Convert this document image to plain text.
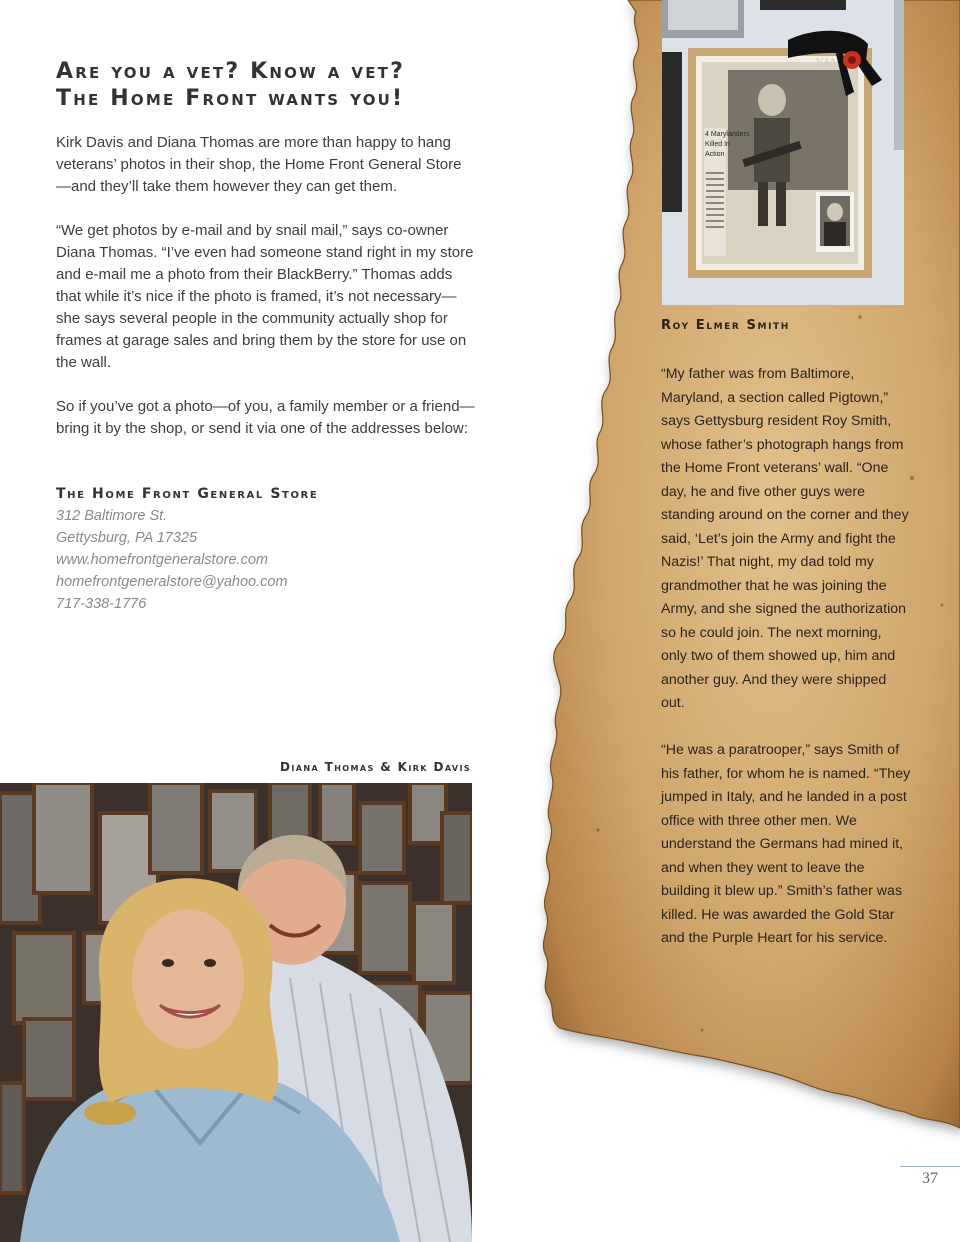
4 Marylanders
Killed In
Action
KIA
Are you a vet? Know a vet?
The Home Front wants you!

Kirk Davis and Diana Thomas are more than happy to hang veterans’ photos in their shop, the Home Front General Store—and they’ll take them however they can get them.

“We get photos by e-mail and by snail mail,” says co-owner Diana Thomas. “I’ve even had someone stand right in my store and e-mail me a photo from their BlackBerry.” Thomas adds that while it’s nice if the photo is framed, it’s not necessary—she says several people in the community actually shop for frames at garage sales and bring them by the store for use on the wall.

So if you’ve got a photo—of you, a family member or a friend—bring it by the shop, or send it via one of the addresses below:

The Home Front General Store
312 Baltimore St.
Gettysburg, PA 17325
www.homefrontgeneralstore.com
homefrontgeneralstore@yahoo.com
717-338-1776
Diana Thomas & Kirk Davis
Roy Elmer Smith

“My father was from Baltimore, Maryland, a section called Pigtown,” says Gettysburg resident Roy Smith, whose father’s photograph hangs from the Home Front veterans’ wall. “One day, he and five other guys were standing around on the corner and they said, ‘Let’s join the Army and fight the Nazis!’ That night, my dad told my grandmother that he was joining the Army, and she signed the authorization so he could join. The next morning, only two of them showed up, him and another guy. And they were shipped out.

“He was a paratrooper,” says Smith of his father, for whom he is named. “They jumped in Italy, and he landed in a post office with three other men. We understand the Germans had mined it, and when they went to leave the building it blew up.” Smith’s father was killed. He was awarded the Gold Star and the Purple Heart for his service.

37
